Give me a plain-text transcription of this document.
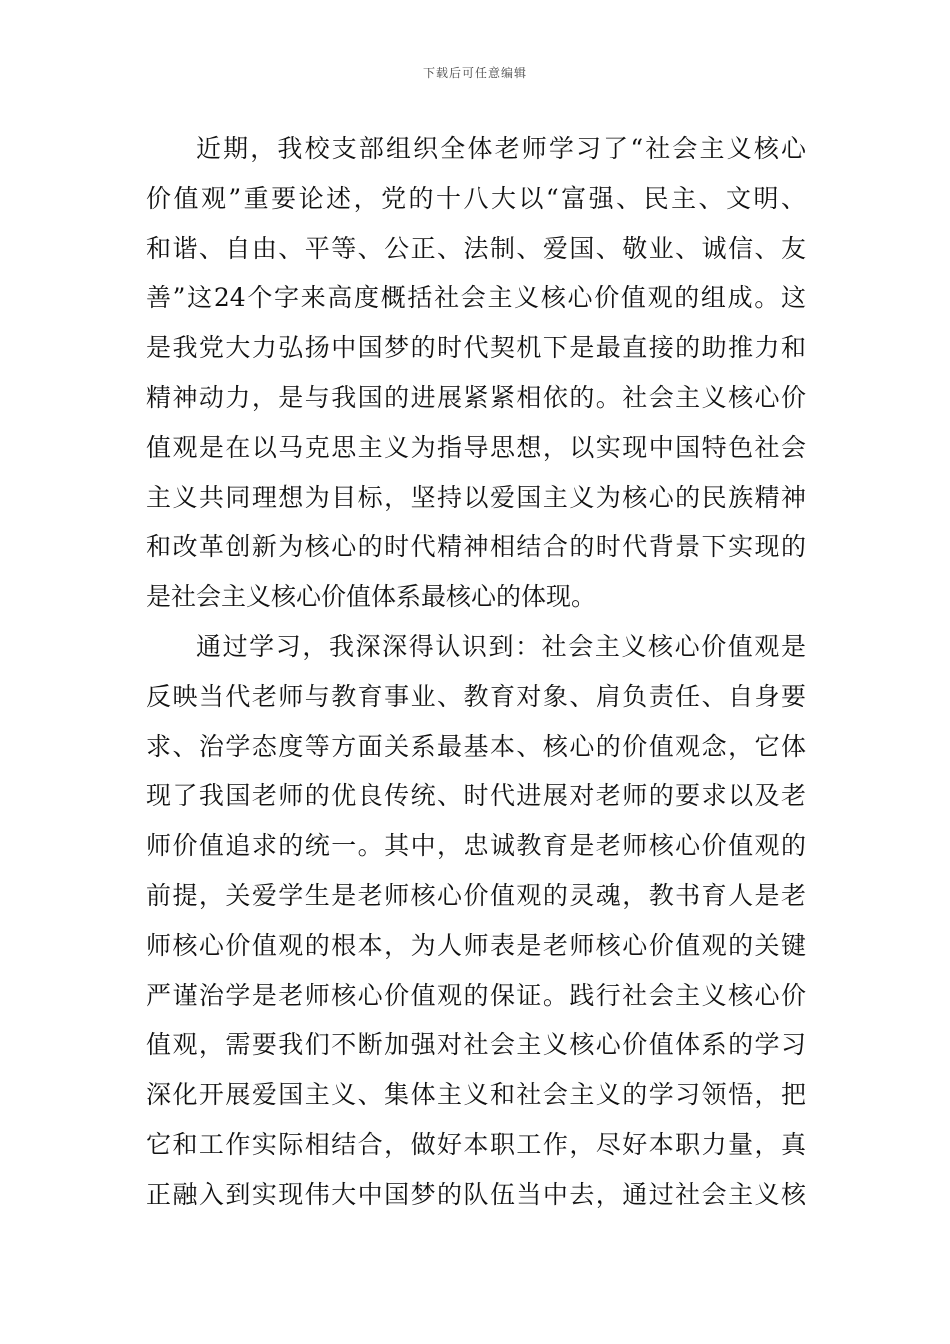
下载后可任意编辑
近期，我校支部组织全体老师学习了“社会主义核心
价值观”重要论述，党的十八大以“富强、民主、文明、
和谐、自由、平等、公正、法制、爱国、敬业、诚信、友
善”这24个字来高度概括社会主义核心价值观的组成。这
是我党大力弘扬中国梦的时代契机下是最直接的助推力和
精神动力，是与我国的进展紧紧相依的。社会主义核心价
值观是在以马克思主义为指导思想，以实现中国特色社会
主义共同理想为目标，坚持以爱国主义为核心的民族精神
和改革创新为核心的时代精神相结合的时代背景下实现的
是社会主义核心价值体系最核心的体现。
通过学习，我深深得认识到：社会主义核心价值观是
反映当代老师与教育事业、教育对象、肩负责任、自身要
求、治学态度等方面关系最基本、核心的价值观念，它体
现了我国老师的优良传统、时代进展对老师的要求以及老
师价值追求的统一。其中，忠诚教育是老师核心价值观的
前提，关爱学生是老师核心价值观的灵魂，教书育人是老
师核心价值观的根本，为人师表是老师核心价值观的关键
严谨治学是老师核心价值观的保证。践行社会主义核心价
值观，需要我们不断加强对社会主义核心价值体系的学习
深化开展爱国主义、集体主义和社会主义的学习领悟，把
它和工作实际相结合，做好本职工作，尽好本职力量，真
正融入到实现伟大中国梦的队伍当中去，通过社会主义核
